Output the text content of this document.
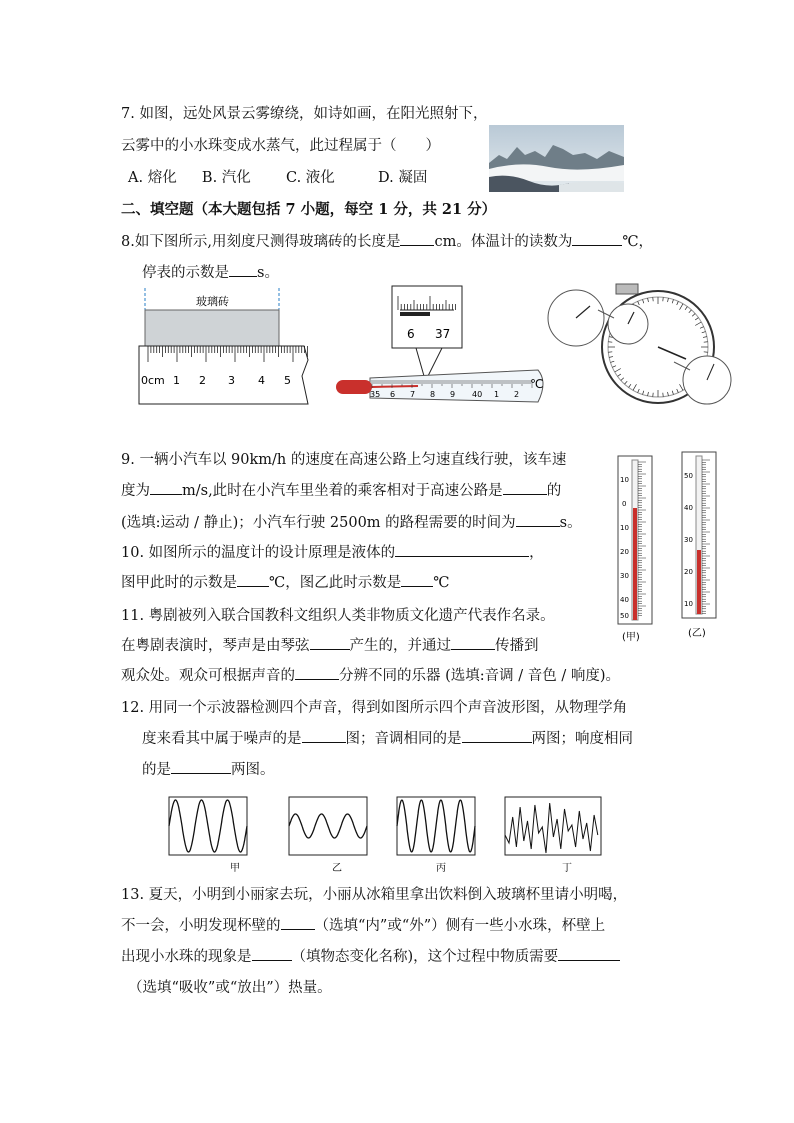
7. 如图，远处风景云雾缭绕，如诗如画，在阳光照射下，
云雾中的小水珠变成水蒸气，此过程属于（　　）
A. 熔化 B. 汽化 C. 液化	D. 凝固
二、填空题（本大题包括 7 小题，每空 1 分，共 21 分）
8.如下图所示,用刻度尺测得玻璃砖的长度是 cm。体温计的读数为	℃，
停表的示数是 s。
玻璃砖
0cm 1 2 3 4 5
6 37
35 6 7 8 9 40 1 2
℃
9. 一辆小汽车以 90km/h 的速度在高速公路上匀速直线行驶，该车速
度为 m/s,此时在小汽车里坐着的乘客相对于高速公路是	的
(选填:运动 / 静止)；小汽车行驶 2500m 的路程需要的时间为	s。
10. 如图所示的温度计的设计原理是液体的	，
图甲此时的示数是 ℃，图乙此时示数是 ℃
10
0
10
20
30
40
50
(甲)
50
40
30
20
10
(乙)
11. 粤剧被列入联合国教科文组织人类非物质文化遗产代表作名录。
在粤剧表演时，琴声是由琴弦	产生的，并通过	传播到
观众处。观众可根据声音的	分辨不同的乐器 (选填:音调 / 音色 / 响度)。
12. 用同一个示波器检测四个声音，得到如图所示四个声音波形图，从物理学角
度来看其中属于噪声的是	图；音调相同的是	两图；响度相同
的是	两图。
甲	乙	丙	丁
13. 夏天，小明到小丽家去玩，小丽从冰箱里拿出饮料倒入玻璃杯里请小明喝，
不一会，小明发现杯壁的 （选填“内”或“外”）侧有一些小水珠，杯壁上
出现小水珠的现象是	（填物态变化名称)，这个过程中物质需要
（选填“吸收”或“放出”）热量。
